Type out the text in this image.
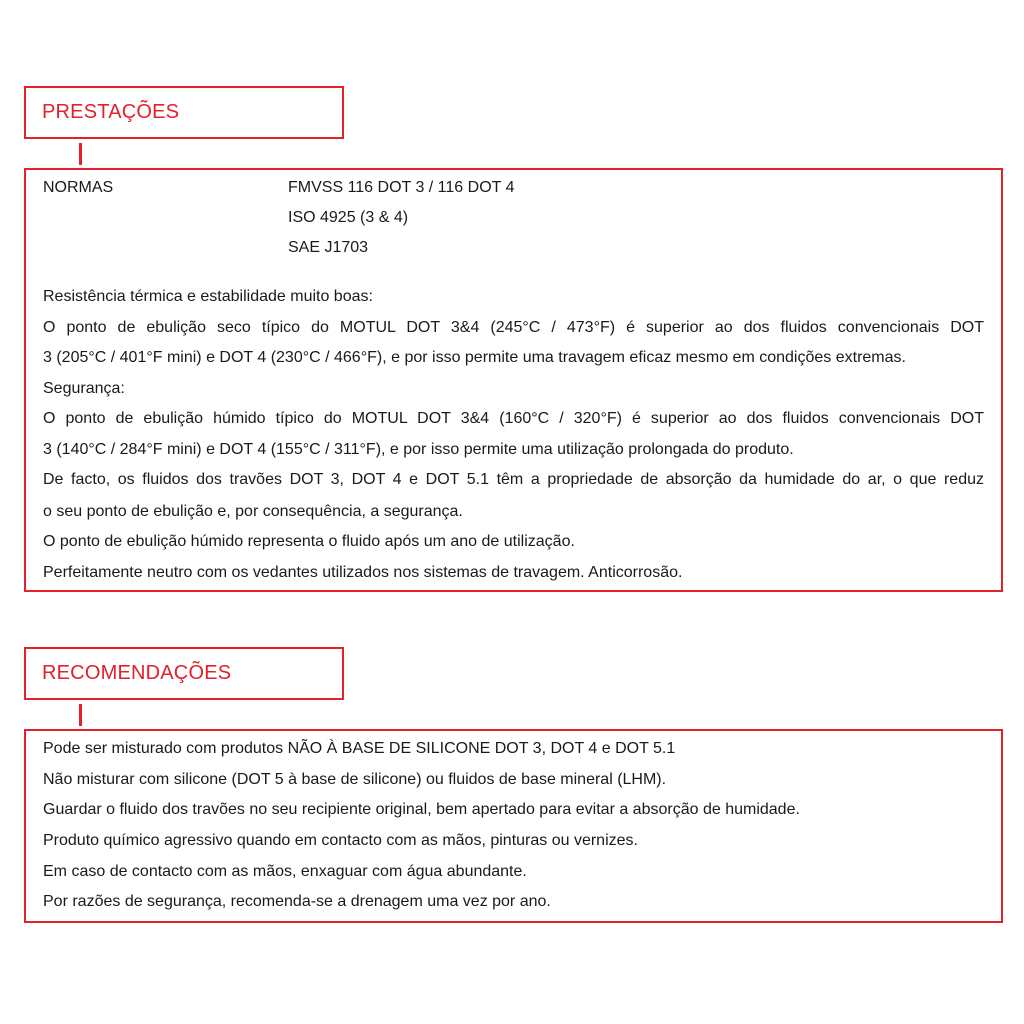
PRESTAÇÕES
NORMAS	FMVSS 116 DOT 3 / 116 DOT 4
ISO 4925 (3 & 4)
SAE J1703
Resistência térmica e estabilidade muito boas:
O ponto de ebulição seco típico do MOTUL DOT 3&4 (245°C / 473°F) é superior ao dos fluidos convencionais DOT
3 (205°C / 401°F mini) e DOT 4 (230°C / 466°F), e por isso permite uma travagem eficaz mesmo em condições extremas.
Segurança:
O ponto de ebulição húmido típico do MOTUL DOT 3&4 (160°C / 320°F) é superior ao dos fluidos convencionais DOT
3 (140°C / 284°F mini) e DOT 4 (155°C / 311°F), e por isso permite uma utilização prolongada do produto.
De facto, os fluidos dos travões DOT 3, DOT 4 e DOT 5.1 têm a propriedade de absorção da humidade do ar, o que reduz
o seu ponto de ebulição e, por consequência, a segurança.
O ponto de ebulição húmido representa o fluido após um ano de utilização.
Perfeitamente neutro com os vedantes utilizados nos sistemas de travagem. Anticorrosão.
RECOMENDAÇÕES
Pode ser misturado com produtos NÃO À BASE DE SILICONE DOT 3, DOT 4 e DOT 5.1
Não misturar com silicone (DOT 5 à base de silicone) ou fluidos de base mineral (LHM).
Guardar o fluido dos travões no seu recipiente original, bem apertado para evitar a absorção de humidade.
Produto químico agressivo quando em contacto com as mãos, pinturas ou vernizes.
Em caso de contacto com as mãos, enxaguar com água abundante.
Por razões de segurança, recomenda-se a drenagem uma vez por ano.
